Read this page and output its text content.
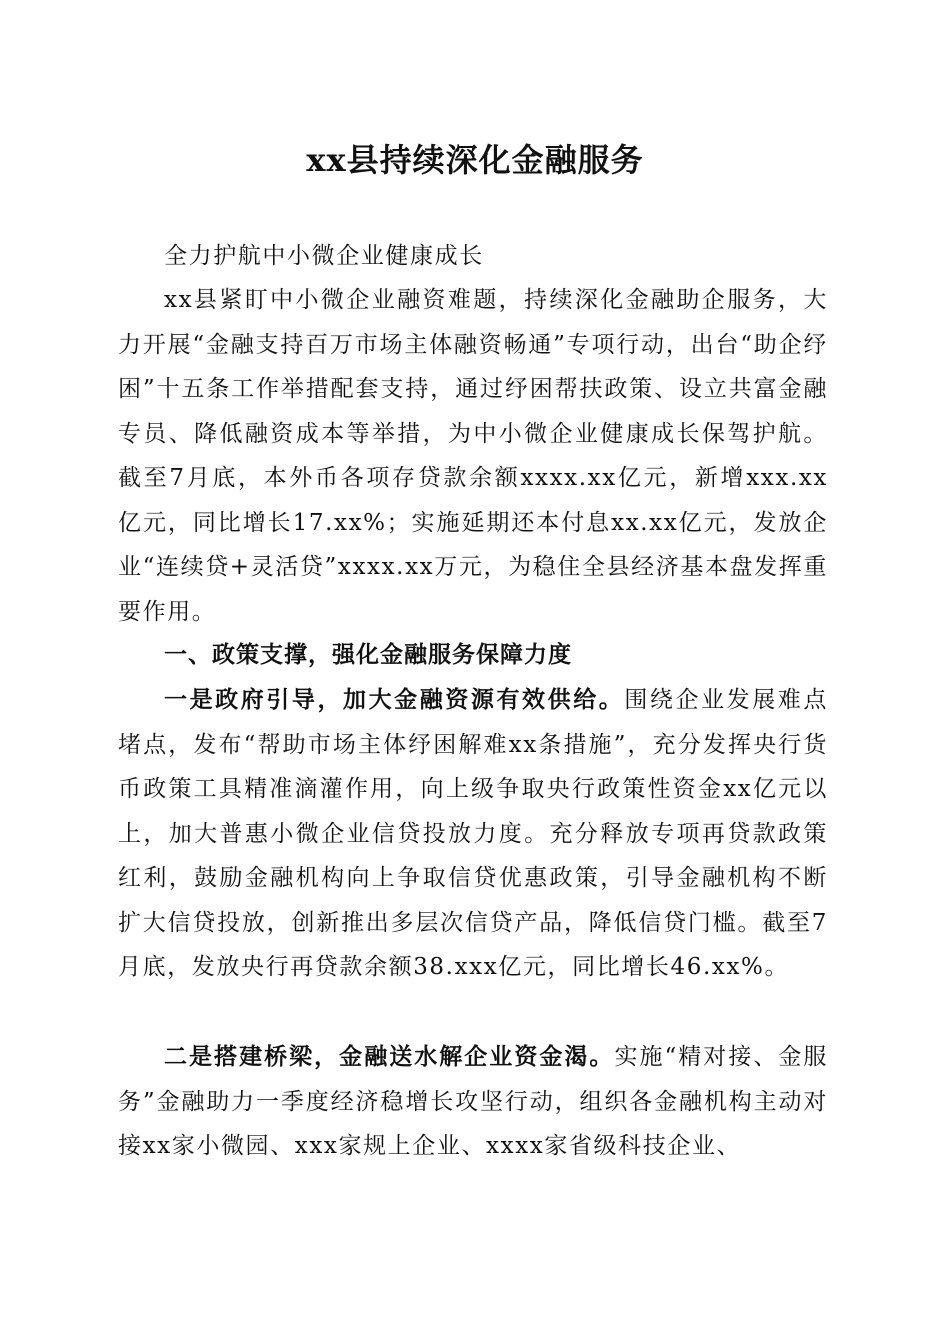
xx县持续深化金融服务

全力护航中小微企业健康成长

xx县紧盯中小微企业融资难题，持续深化金融助企服务，大力开展“金融支持百万市场主体融资畅通”专项行动，出台“助企纾困”十五条工作举措配套支持，通过纾困帮扶政策、设立共富金融专员、降低融资成本等举措，为中小微企业健康成长保驾护航。截至7月底，本外币各项存贷款余额xxxx.xx亿元，新增xxx.xx亿元，同比增长17.xx%；实施延期还本付息xx.xx亿元，发放企业“连续贷+灵活贷”xxxx.xx万元，为稳住全县经济基本盘发挥重要作用。

一、政策支撑，强化金融服务保障力度

一是政府引导，加大金融资源有效供给。围绕企业发展难点堵点，发布“帮助市场主体纾困解难xx条措施”，充分发挥央行货币政策工具精准滴灌作用，向上级争取央行政策性资金xx亿元以上，加大普惠小微企业信贷投放力度。充分释放专项再贷款政策红利，鼓励金融机构向上争取信贷优惠政策，引导金融机构不断扩大信贷投放，创新推出多层次信贷产品，降低信贷门槛。截至7月底，发放央行再贷款余额38.xxx亿元，同比增长46.xx%。

二是搭建桥梁，金融送水解企业资金渴。实施“精对接、金服务”金融助力一季度经济稳增长攻坚行动，组织各金融机构主动对接xx家小微园、xxx家规上企业、xxxx家省级科技企业、
